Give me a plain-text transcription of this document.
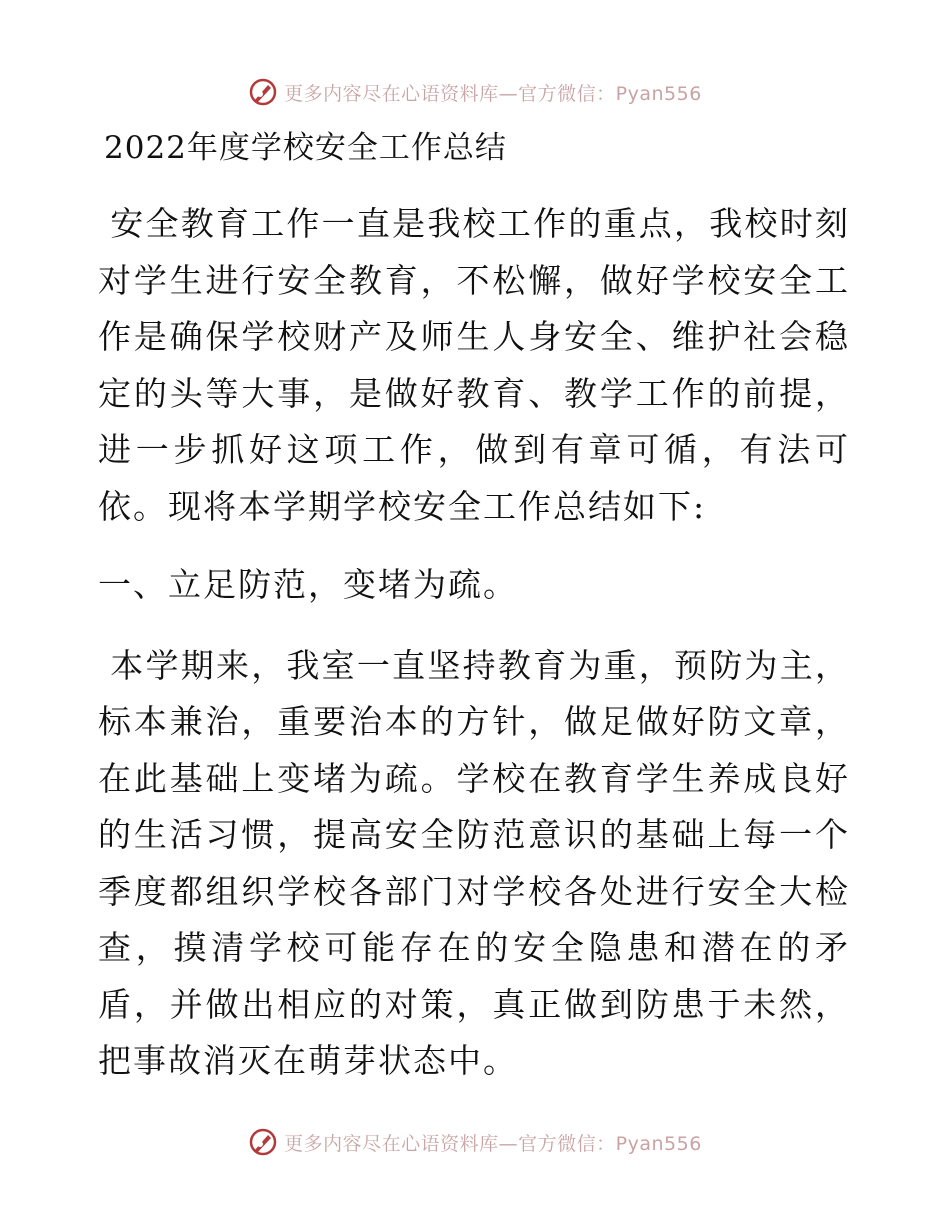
更多内容尽在心语资料库—官方微信：Pyan556
2022年度学校安全工作总结

安全教育工作一直是我校工作的重点，我校时刻对学生进行安全教育，不松懈，做好学校安全工作是确保学校财产及师生人身安全、维护社会稳定的头等大事，是做好教育、教学工作的前提，进一步抓好这项工作，做到有章可循，有法可依。现将本学期学校安全工作总结如下:

一、立足防范，变堵为疏。

本学期来，我室一直坚持教育为重，预防为主，标本兼治，重要治本的方针，做足做好防文章，在此基础上变堵为疏。学校在教育学生养成良好的生活习惯，提高安全防范意识的基础上每一个季度都组织学校各部门对学校各处进行安全大检查，摸清学校可能存在的安全隐患和潜在的矛盾，并做出相应的对策，真正做到防患于未然，把事故消灭在萌芽状态中。

更多内容尽在心语资料库—官方微信：Pyan556
